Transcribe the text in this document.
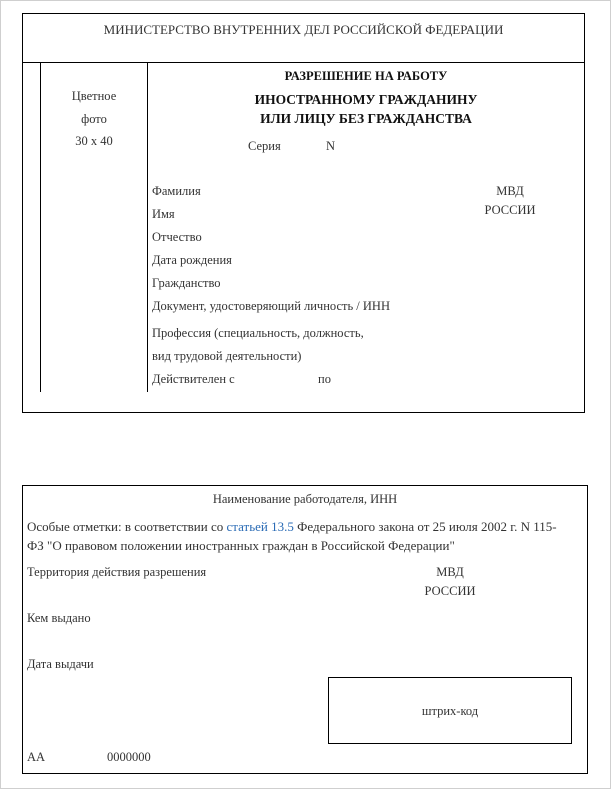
МИНИСТЕРСТВО ВНУТРЕННИХ ДЕЛ РОССИЙСКОЙ ФЕДЕРАЦИИ
Цветное
фото
30 х 40
РАЗРЕШЕНИЕ НА РАБОТУ
ИНОСТРАННОМУ ГРАЖДАНИНУ
ИЛИ ЛИЦУ БЕЗ ГРАЖДАНСТВА
Серия	N
МВД
РОССИИ
Фамилия
Имя
Отчество
Дата рождения
Гражданство
Документ, удостоверяющий личность / ИНН
Профессия (специальность, должность,
вид трудовой деятельности)
Действителен с	по
Наименование работодателя, ИНН
Особые отметки: в соответствии со статьей 13.5 Федерального закона от 25 июля 2002 г. N 115-
ФЗ "О правовом положении иностранных граждан в Российской Федерации"
Территория действия разрешения	МВД
РОССИИ
Кем выдано
Дата выдачи
штрих-код
АА	0000000
